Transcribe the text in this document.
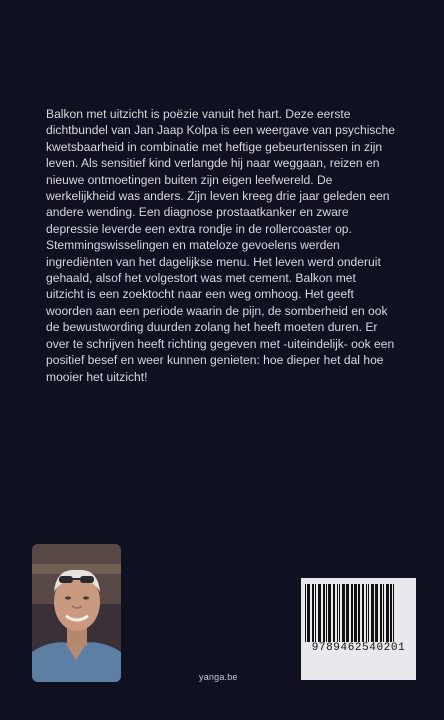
Balkon met uitzicht is poëzie vanuit het hart. Deze eerste
dichtbundel van Jan Jaap Kolpa is een weergave van psychische
kwetsbaarheid in combinatie met heftige gebeurtenissen in zijn
leven. Als sensitief kind verlangde hij naar weggaan, reizen en
nieuwe ontmoetingen buiten zijn eigen leefwereld. De
werkelijkheid was anders. Zijn leven kreeg drie jaar geleden een
andere wending. Een diagnose prostaatkanker en zware
depressie leverde een extra rondje in de rollercoaster op.
Stemmingswisselingen en mateloze gevoelens werden
ingrediënten van het dagelijkse menu. Het leven werd onderuit
gehaald, alsof het volgestort was met cement. Balkon met
uitzicht is een zoektocht naar een weg omhoog. Het geeft
woorden aan een periode waarin de pijn, de somberheid en ook
de bewustwording duurden zolang het heeft moeten duren. Er
over te schrijven heeft richting gegeven met -uiteindelijk- ook een
positief besef en weer kunnen genieten: hoe dieper het dal hoe
mooier het uitzicht!

yanga.be
9789462540201
